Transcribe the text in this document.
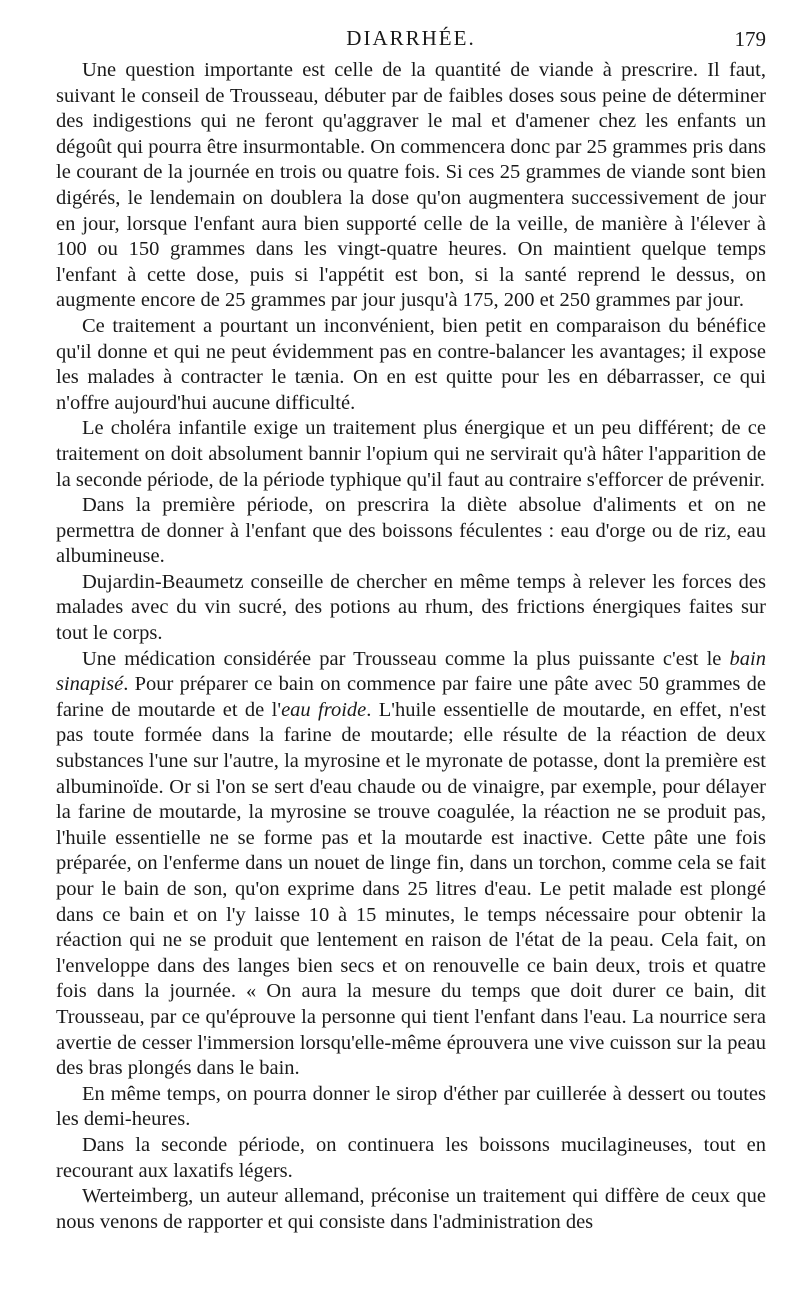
DIARRHÉE.	179

Une question importante est celle de la quantité de viande à prescrire. Il faut, suivant le conseil de Trousseau, débuter par de faibles doses sous peine de déterminer des indigestions qui ne feront qu'aggraver le mal et d'amener chez les enfants un dégoût qui pourra être insurmontable. On commencera donc par 25 grammes pris dans le courant de la journée en trois ou quatre fois. Si ces 25 grammes de viande sont bien digérés, le lendemain on doublera la dose qu'on augmentera successivement de jour en jour, lorsque l'enfant aura bien supporté celle de la veille, de manière à l'élever à 100 ou 150 grammes dans les vingt-quatre heures. On maintient quelque temps l'enfant à cette dose, puis si l'appétit est bon, si la santé reprend le dessus, on augmente encore de 25 grammes par jour jusqu'à 175, 200 et 250 grammes par jour.

Ce traitement a pourtant un inconvénient, bien petit en comparaison du bénéfice qu'il donne et qui ne peut évidemment pas en contre-balancer les avantages; il expose les malades à contracter le tænia. On en est quitte pour les en débarrasser, ce qui n'offre aujourd'hui aucune difficulté.

Le choléra infantile exige un traitement plus énergique et un peu différent; de ce traitement on doit absolument bannir l'opium qui ne servirait qu'à hâter l'apparition de la seconde période, de la période typhique qu'il faut au contraire s'efforcer de prévenir.

Dans la première période, on prescrira la diète absolue d'aliments et on ne permettra de donner à l'enfant que des boissons féculentes : eau d'orge ou de riz, eau albumineuse.

Dujardin-Beaumetz conseille de chercher en même temps à relever les forces des malades avec du vin sucré, des potions au rhum, des frictions énergiques faites sur tout le corps.

Une médication considérée par Trousseau comme la plus puissante c'est le bain sinapisé. Pour préparer ce bain on commence par faire une pâte avec 50 grammes de farine de moutarde et de l'eau froide. L'huile essentielle de moutarde, en effet, n'est pas toute formée dans la farine de moutarde; elle résulte de la réaction de deux substances l'une sur l'autre, la myrosine et le myronate de potasse, dont la première est albuminoïde. Or si l'on se sert d'eau chaude ou de vinaigre, par exemple, pour délayer la farine de moutarde, la myrosine se trouve coagulée, la réaction ne se produit pas, l'huile essentielle ne se forme pas et la moutarde est inactive. Cette pâte une fois préparée, on l'enferme dans un nouet de linge fin, dans un torchon, comme cela se fait pour le bain de son, qu'on exprime dans 25 litres d'eau. Le petit malade est plongé dans ce bain et on l'y laisse 10 à 15 minutes, le temps nécessaire pour obtenir la réaction qui ne se produit que lentement en raison de l'état de la peau. Cela fait, on l'enveloppe dans des langes bien secs et on renouvelle ce bain deux, trois et quatre fois dans la journée. « On aura la mesure du temps que doit durer ce bain, dit Trousseau, par ce qu'éprouve la personne qui tient l'enfant dans l'eau. La nourrice sera avertie de cesser l'immersion lorsqu'elle-même éprouvera une vive cuisson sur la peau des bras plongés dans le bain.

En même temps, on pourra donner le sirop d'éther par cuillerée à dessert ou toutes les demi-heures.

Dans la seconde période, on continuera les boissons mucilagineuses, tout en recourant aux laxatifs légers.

Werteimberg, un auteur allemand, préconise un traitement qui diffère de ceux que nous venons de rapporter et qui consiste dans l'administration des
